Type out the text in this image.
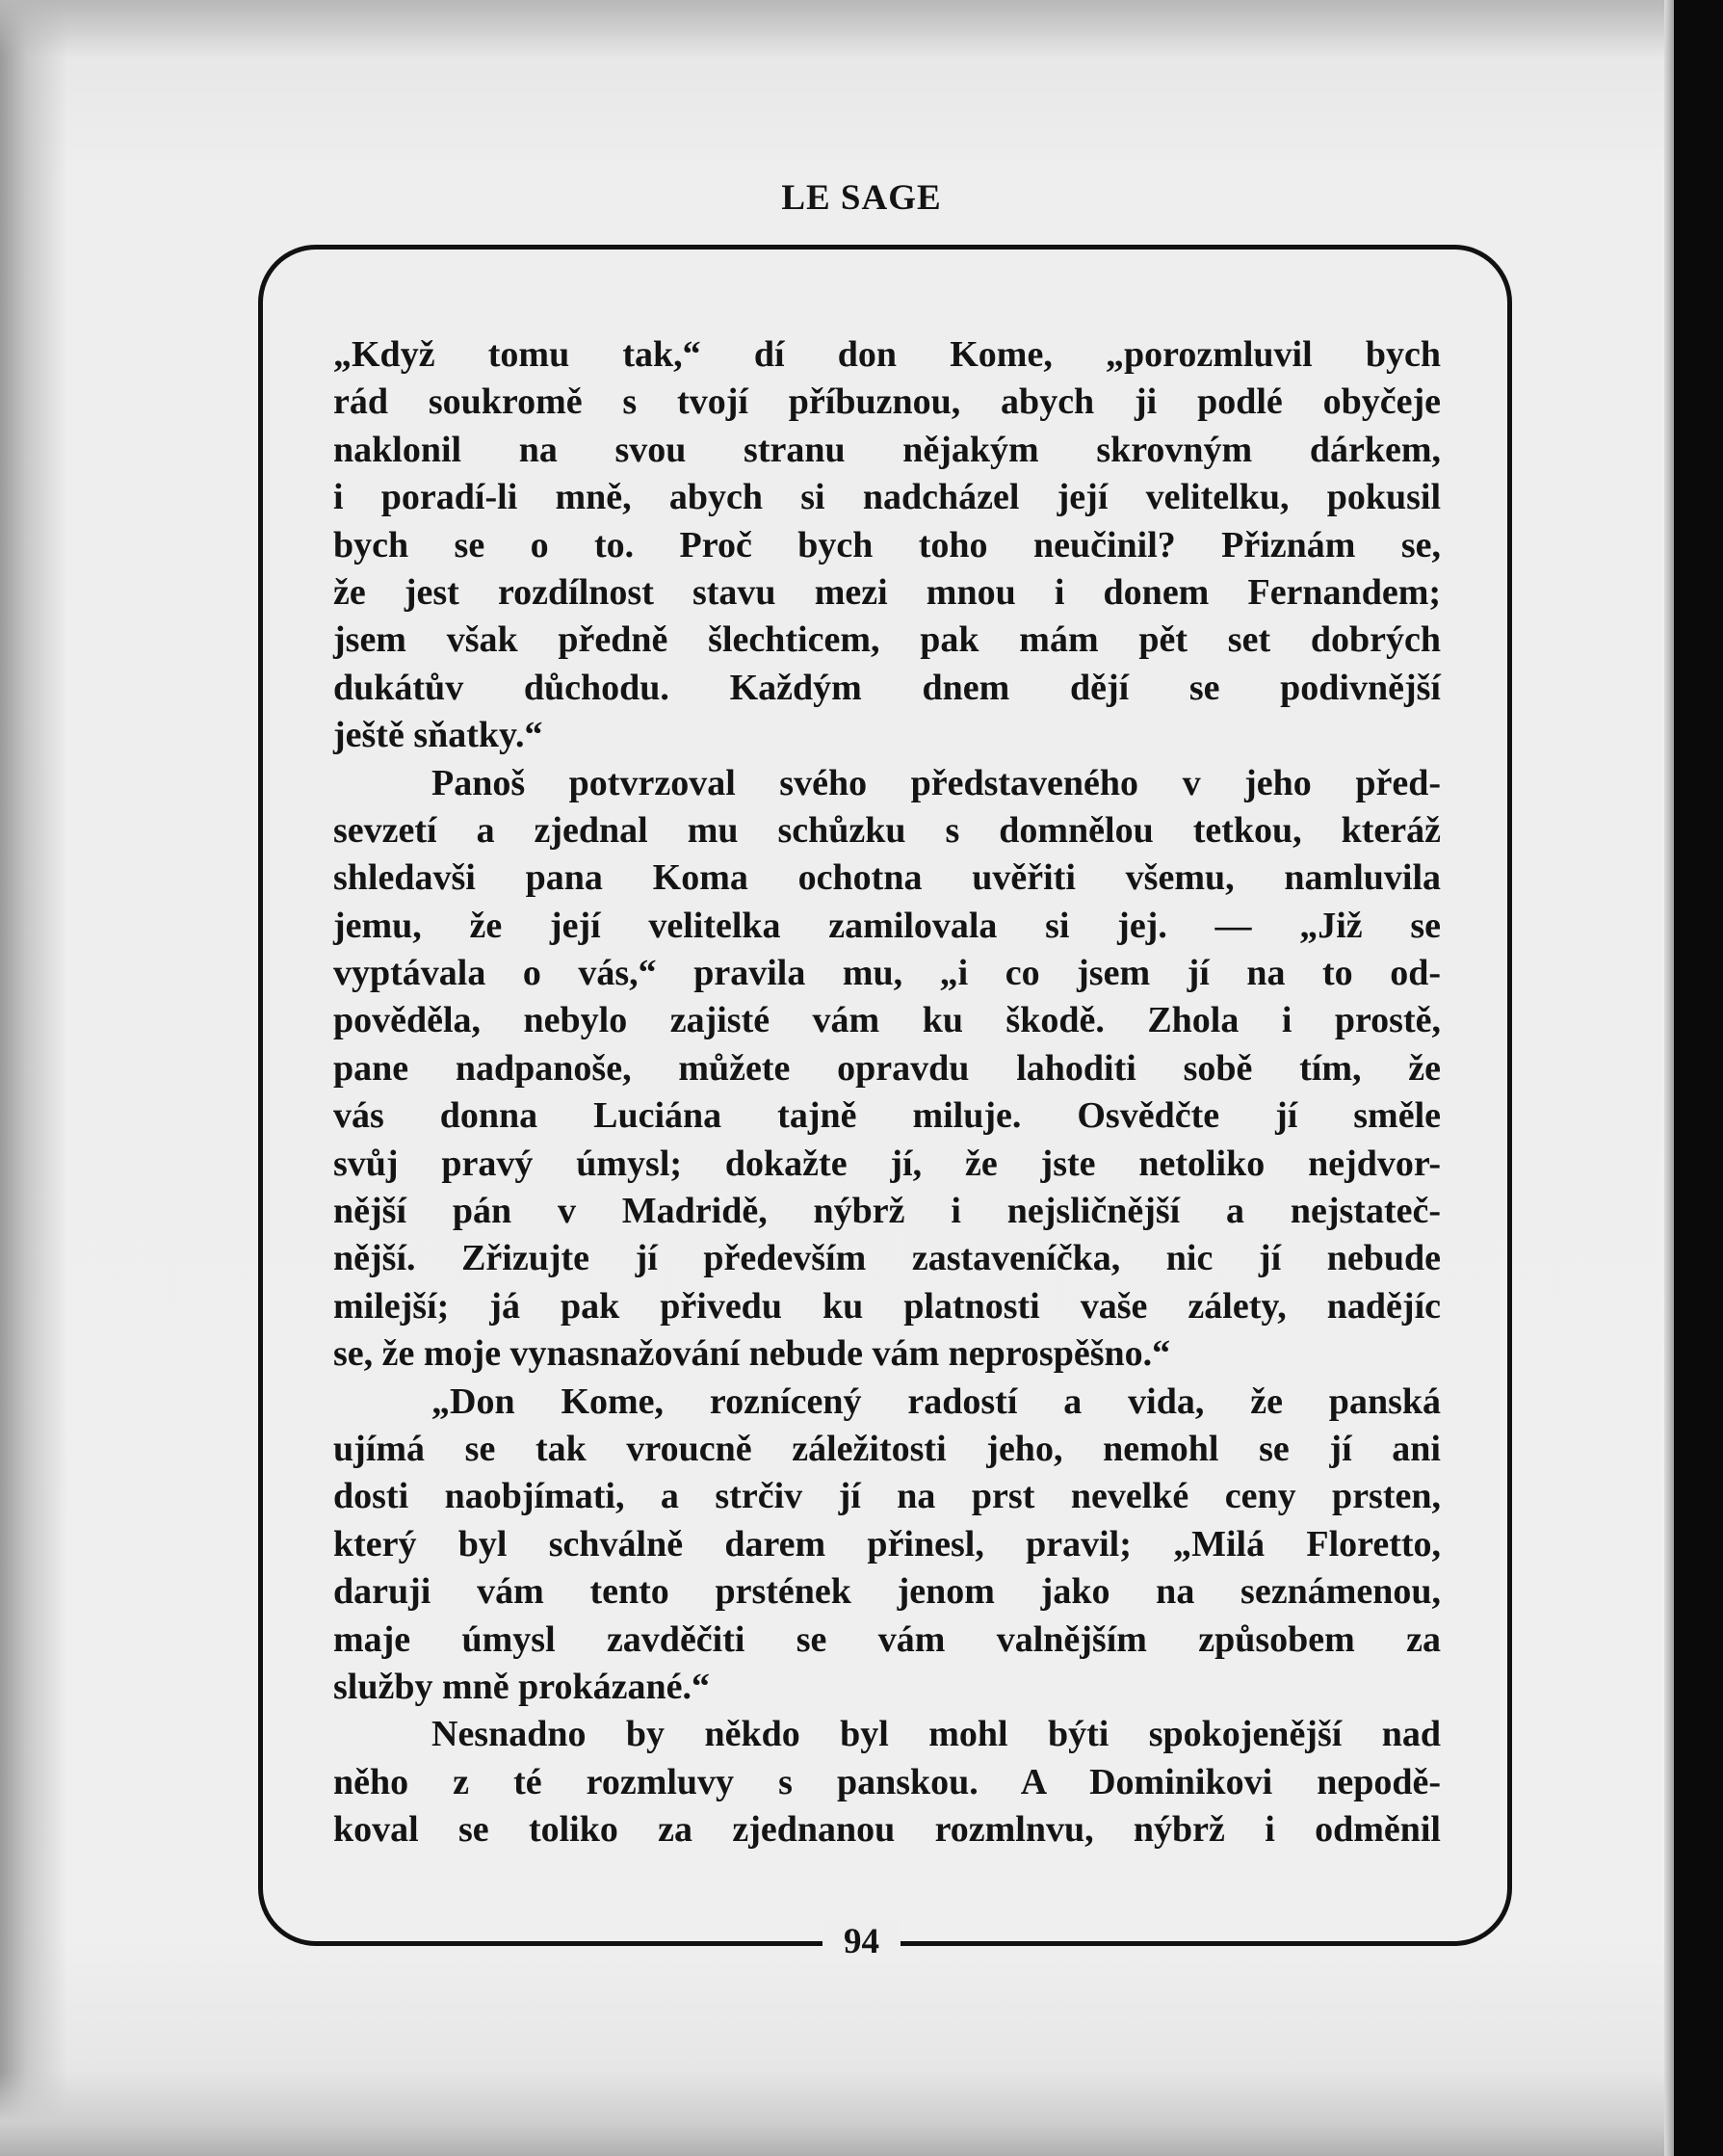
LE SAGE
„Když tomu tak,“ dí don Kome, „porozmluvil bych
rád soukromě s tvojí příbuznou, abych ji podlé obyčeje
naklonil na svou stranu nějakým skrovným dárkem,
i poradí-li mně, abych si nadcházel její velitelku, pokusil
bych se o to. Proč bych toho neučinil? Přiznám se,
že jest rozdílnost stavu mezi mnou i donem Fernandem;
jsem však předně šlechticem, pak mám pět set dobrých
dukátův důchodu. Každým dnem dějí se podivnější
ještě sňatky.“
Panoš potvrzoval svého představeného v jeho před-
sevzetí a zjednal mu schůzku s domnělou tetkou, kteráž
shledavši pana Koma ochotna uvěřiti všemu, namluvila
jemu, že její velitelka zamilovala si jej. — „Již se
vyptávala o vás,“ pravila mu, „i co jsem jí na to od-
pověděla, nebylo zajisté vám ku škodě. Zhola i prostě,
pane nadpanoše, můžete opravdu lahoditi sobě tím, že
vás donna Luciána tajně miluje. Osvědčte jí směle
svůj pravý úmysl; dokažte jí, že jste netoliko nejdvor-
nější pán v Madridě, nýbrž i nejsličnější a nejstateč-
nější. Zřizujte jí především zastaveníčka, nic jí nebude
milejší; já pak přivedu ku platnosti vaše zálety, nadějíc
se, že moje vynasnažování nebude vám neprospěšno.“
„Don Kome, roznícený radostí a vida, že panská
ujímá se tak vroucně záležitosti jeho, nemohl se jí ani
dosti naobjímati, a strčiv jí na prst nevelké ceny prsten,
který byl schválně darem přinesl, pravil; „Milá Floretto,
daruji vám tento prstének jenom jako na seznámenou,
maje úmysl zavděčiti se vám valnějším způsobem za
služby mně prokázané.“
Nesnadno by někdo byl mohl býti spokojenější nad
něho z té rozmluvy s panskou. A Dominikovi nepodě-
koval se toliko za zjednanou rozmlnvu, nýbrž i odměnil
94
